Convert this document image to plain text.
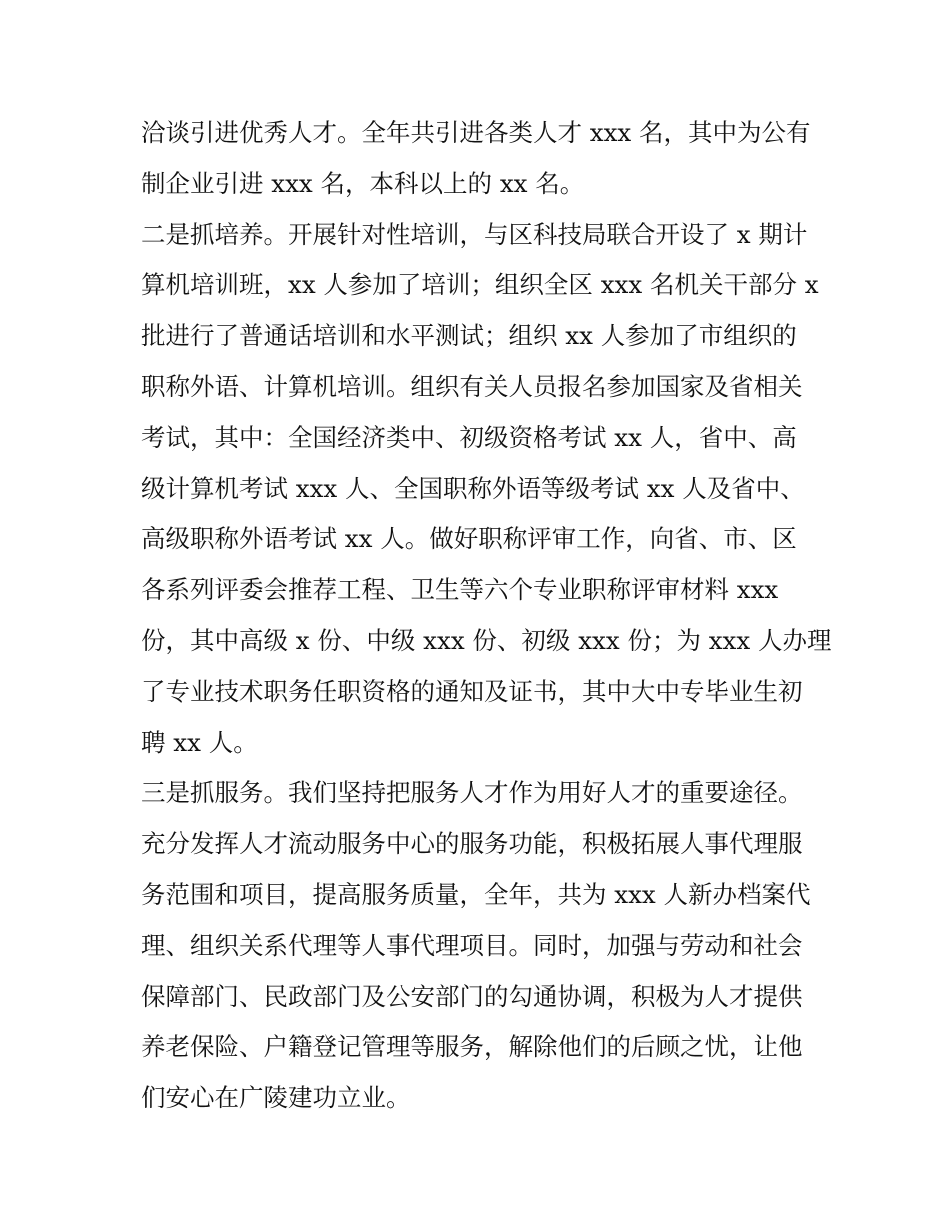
洽谈引进优秀人才。全年共引进各类人才 xxx 名，其中为公有
制企业引进 xxx 名，本科以上的 xx 名。
二是抓培养。开展针对性培训，与区科技局联合开设了 x 期计
算机培训班，xx 人参加了培训；组织全区 xxx 名机关干部分 x
批进行了普通话培训和水平测试；组织 xx 人参加了市组织的
职称外语、计算机培训。组织有关人员报名参加国家及省相关
考试，其中：全国经济类中、初级资格考试 xx 人，省中、高
级计算机考试 xxx 人、全国职称外语等级考试 xx 人及省中、
高级职称外语考试 xx 人。做好职称评审工作，向省、市、区
各系列评委会推荐工程、卫生等六个专业职称评审材料 xxx
份，其中高级 x 份、中级 xxx 份、初级 xxx 份；为 xxx 人办理
了专业技术职务任职资格的通知及证书，其中大中专毕业生初
聘 xx 人。
三是抓服务。我们坚持把服务人才作为用好人才的重要途径。
充分发挥人才流动服务中心的服务功能，积极拓展人事代理服
务范围和项目，提高服务质量，全年，共为 xxx 人新办档案代
理、组织关系代理等人事代理项目。同时，加强与劳动和社会
保障部门、民政部门及公安部门的勾通协调，积极为人才提供
养老保险、户籍登记管理等服务，解除他们的后顾之忧，让他
们安心在广陵建功立业。
